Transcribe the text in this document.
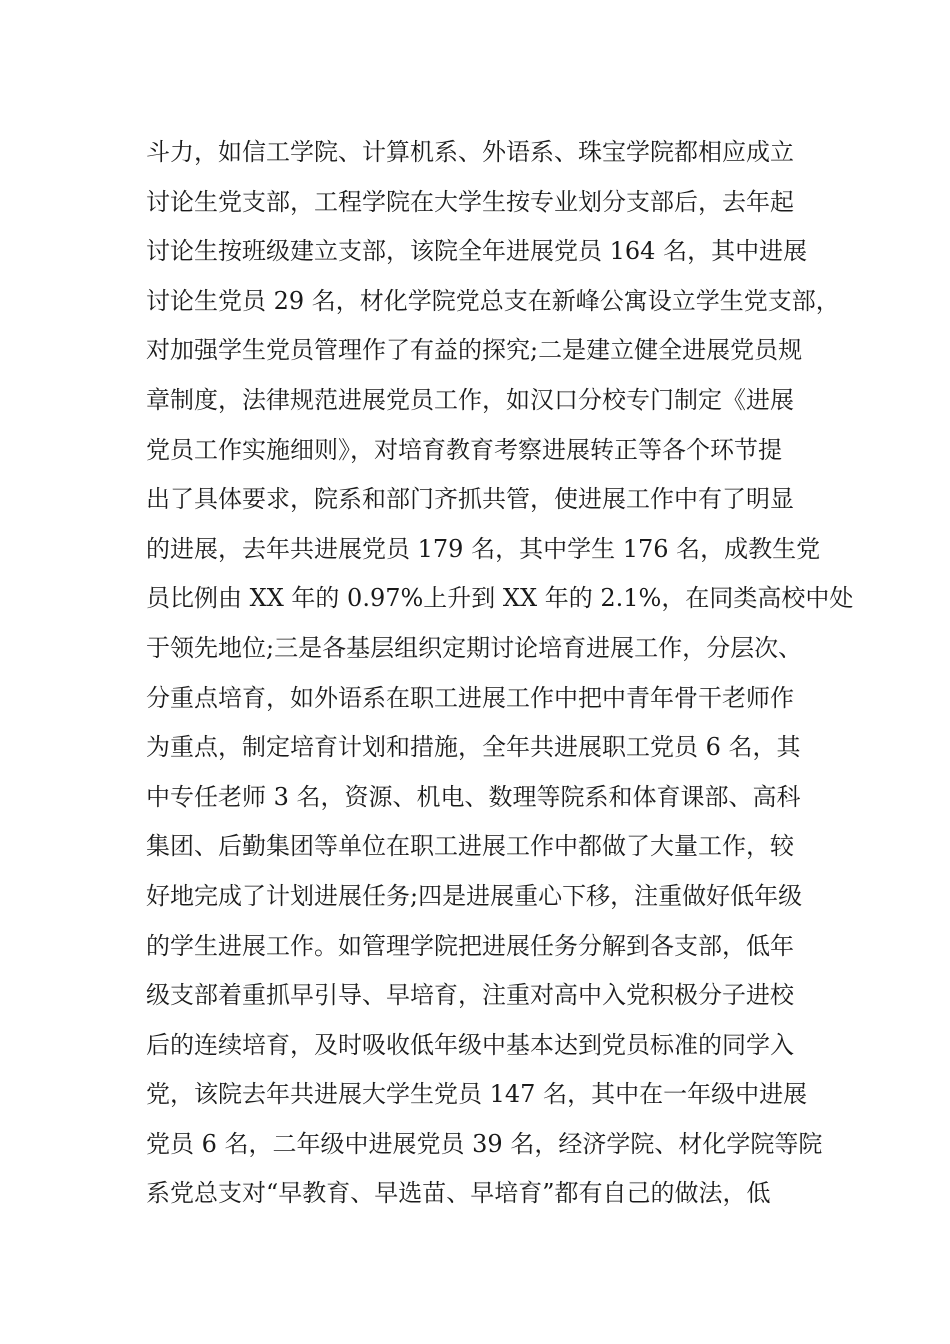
斗力，如信工学院、计算机系、外语系、珠宝学院都相应成立
讨论生党支部，工程学院在大学生按专业划分支部后，去年起
讨论生按班级建立支部，该院全年进展党员 164 名，其中进展
讨论生党员 29 名，材化学院党总支在新峰公寓设立学生党支部，
对加强学生党员管理作了有益的探究;二是建立健全进展党员规
章制度，法律规范进展党员工作，如汉口分校专门制定《进展
党员工作实施细则》，对培育教育考察进展转正等各个环节提
出了具体要求，院系和部门齐抓共管，使进展工作中有了明显
的进展，去年共进展党员 179 名，其中学生 176 名，成教生党
员比例由 XX 年的 0.97%上升到 XX 年的 2.1%，在同类高校中处
于领先地位;三是各基层组织定期讨论培育进展工作，分层次、
分重点培育，如外语系在职工进展工作中把中青年骨干老师作
为重点，制定培育计划和措施，全年共进展职工党员 6 名，其
中专任老师 3 名，资源、机电、数理等院系和体育课部、高科
集团、后勤集团等单位在职工进展工作中都做了大量工作，较
好地完成了计划进展任务;四是进展重心下移，注重做好低年级
的学生进展工作。如管理学院把进展任务分解到各支部，低年
级支部着重抓早引导、早培育，注重对高中入党积极分子进校
后的连续培育，及时吸收低年级中基本达到党员标准的同学入
党，该院去年共进展大学生党员 147 名，其中在一年级中进展
党员 6 名，二年级中进展党员 39 名，经济学院、材化学院等院
系党总支对“早教育、早选苗、早培育”都有自己的做法，低
